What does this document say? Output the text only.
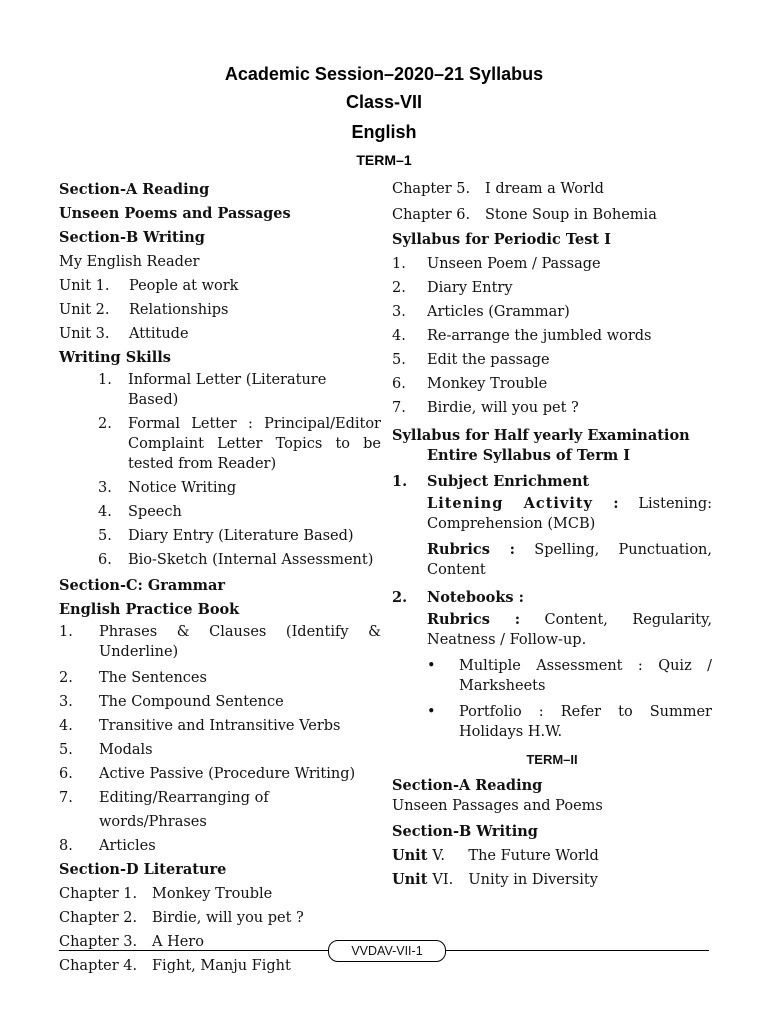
Academic Session–2020–21 Syllabus
Class-VII
English
TERM–1
Section-A Reading
Unseen Poems and Passages
Section-B Writing
My English Reader
Unit 1.	People at work
Unit 2.	Relationships
Unit 3.	Attitude
Writing Skills
1.	Informal Letter (Literature Based)
2.	Formal Letter : Principal/Editor Complaint Letter Topics to be tested from Reader)
3.	Notice Writing
4.	Speech
5.	Diary Entry (Literature Based)
6.	Bio-Sketch (Internal Assessment)
Section-C: Grammar
English Practice Book
1.	Phrases & Clauses (Identify & Underline)
2.	The Sentences
3.	The Compound Sentence
4.	Transitive and Intransitive Verbs
5.	Modals
6.	Active Passive (Procedure Writing)
7.	Editing/Rearranging of words/Phrases
8.	Articles
Section-D Literature
Chapter 1.	Monkey Trouble
Chapter 2.	Birdie, will you pet ?
Chapter 3.	A Hero
Chapter 4.	Fight, Manju Fight
Chapter 5.	I dream a World
Chapter 6.	Stone Soup in Bohemia
Syllabus for Periodic Test I
1.	Unseen Poem / Passage
2.	Diary Entry
3.	Articles (Grammar)
4.	Re-arrange the jumbled words
5.	Edit the passage
6.	Monkey Trouble
7.	Birdie, will you pet ?
Syllabus for Half yearly Examination
Entire Syllabus of Term I
1.	Subject Enrichment
Litening Activity : Listening: Comprehension (MCB)
Rubrics : Spelling, Punctuation, Content
2.	Notebooks :
Rubrics : Content, Regularity, Neatness / Follow-up.
•	Multiple Assessment : Quiz / Marksheets
•	Portfolio : Refer to Summer Holidays H.W.
TERM–II
Section-A Reading
Unseen Passages and Poems
Section-B Writing
Unit V.	The Future World
Unit VI.	Unity in Diversity
VVDAV-VII-1
